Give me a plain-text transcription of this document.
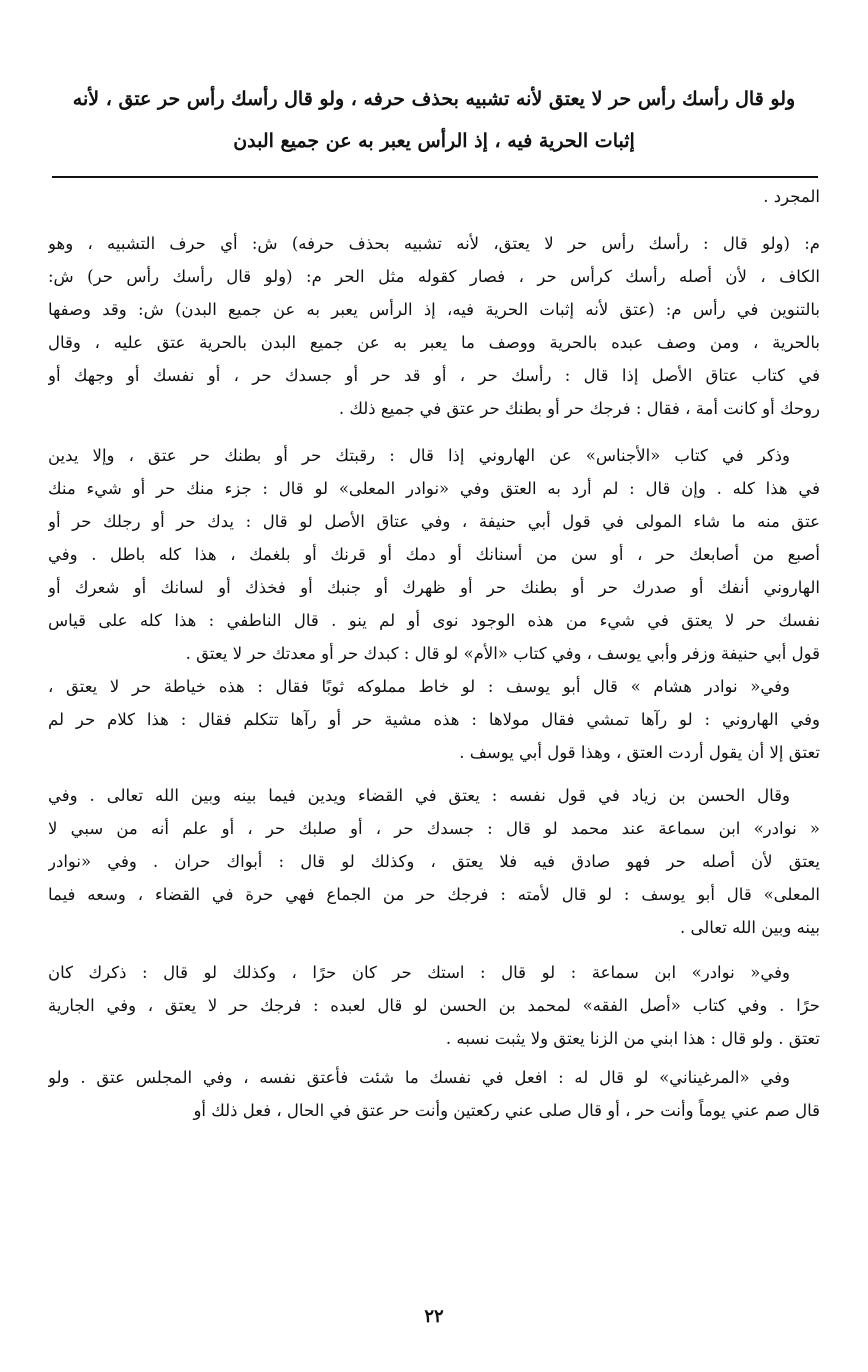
ولو قال رأسك رأس حر لا يعتق لأنه تشبيه بحذف حرفه ، ولو قال رأسك رأس حر عتق ، لأنه
إثبات الحرية فيه ، إذ الرأس يعبر به عن جميع البدن
المجرد .
م: (ولو قال : رأسك رأس حر لا يعتق، لأنه تشبيه بحذف حرفه) ش: أي حرف التشبيه ، وهو
الكاف ، لأن أصله رأسك كرأس حر ، فصار كقوله مثل الحر م: (ولو قال رأسك رأس حر) ش:
بالتنوين في رأس م: (عتق لأنه إثبات الحرية فيه، إذ الرأس يعبر به عن جميع البدن) ش: وقد وصفها
بالحرية ، ومن وصف عبده بالحرية ووصف ما يعبر به عن جميع البدن بالحرية عتق عليه ، وقال
في كتاب عتاق الأصل إذا قال : رأسك حر ، أو قد حر أو جسدك حر ، أو نفسك أو وجهك أو
روحك أو كانت أمة ، فقال : فرجك حر أو بطنك حر عتق في جميع ذلك .
وذكر في كتاب «الأجناس» عن الهاروني إذا قال : رقبتك حر أو بطنك حر عتق ، وإلا يدين
في هذا كله . وإن قال : لم أرد به العتق وفي «نوادر المعلى» لو قال : جزء منك حر أو شيء منك
عتق منه ما شاء المولى في قول أبي حنيفة ، وفي عتاق الأصل لو قال : يدك حر أو رجلك حر أو
أصبع من أصابعك حر ، أو سن من أسنانك أو دمك أو قرنك أو بلغمك ، هذا كله باطل . وفي
الهاروني أنفك أو صدرك حر أو بطنك حر أو ظهرك أو جنبك أو فخذك أو لسانك أو شعرك أو
نفسك حر لا يعتق في شيء من هذه الوجود نوى أو لم ينو . قال الناطفي : هذا كله على قياس
قول أبي حنيفة وزفر وأبي يوسف ، وفي كتاب «الأم» لو قال : كبدك حر أو معدتك حر لا يعتق .
وفي« نوادر هشام » قال أبو يوسف : لو خاط مملوكه ثوبًا فقال : هذه خياطة حر لا يعتق ،
وفي الهاروني : لو رآها تمشي فقال مولاها : هذه مشية حر أو رآها تتكلم فقال : هذا كلام حر لم
تعتق إلا أن يقول أردت العتق ، وهذا قول أبي يوسف .
وقال الحسن بن زياد في قول نفسه : يعتق في القضاء ويدين فيما بينه وبين الله تعالى . وفي
« نوادر» ابن سماعة عند محمد لو قال : جسدك حر ، أو صلبك حر ، أو علم أنه من سبي لا
يعتق لأن أصله حر فهو صادق فيه فلا يعتق ، وكذلك لو قال : أبواك حران . وفي «نوادر
المعلى» قال أبو يوسف : لو قال لأمته : فرجك حر من الجماع فهي حرة في القضاء ، وسعه فيما
بينه وبين الله تعالى .
وفي« نوادر» ابن سماعة : لو قال : استك حر كان حرًا ، وكذلك لو قال : ذكرك كان
حرًا . وفي كتاب «أصل الفقه» لمحمد بن الحسن لو قال لعبده : فرجك حر لا يعتق ، وفي الجارية
تعتق . ولو قال : هذا ابني من الزنا يعتق ولا يثبت نسبه .
وفي «المرغيناني» لو قال له : افعل في نفسك ما شئت فأعتق نفسه ، وفي المجلس عتق . ولو
قال صم عني يوماً وأنت حر ، أو قال صلى عني ركعتين وأنت حر عتق في الحال ، فعل ذلك أو
٢٢
